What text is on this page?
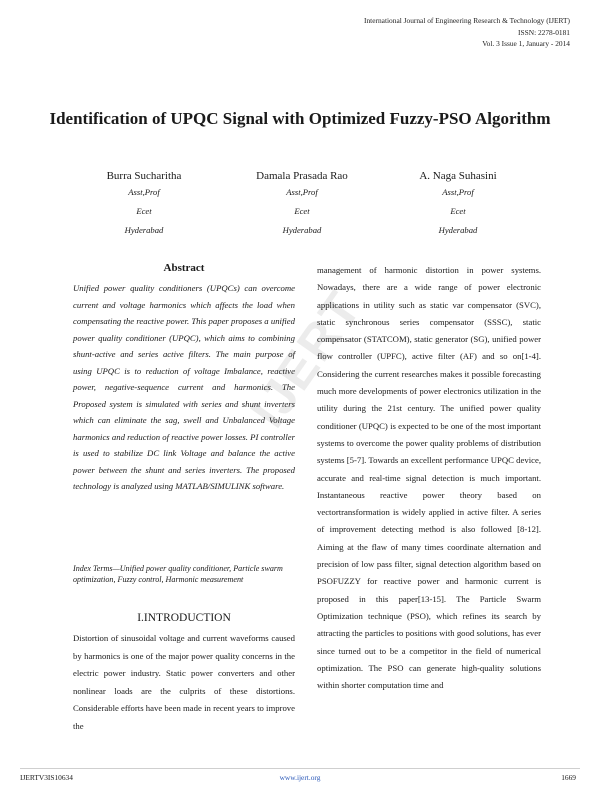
International Journal of Engineering Research & Technology (IJERT)
ISSN: 2278-0181
Vol. 3 Issue 1, January - 2014
Identification of UPQC Signal with Optimized Fuzzy-PSO Algorithm
Burra Sucharitha
Asst,Prof
Ecet
Hyderabad
Damala Prasada Rao
Asst,Prof
Ecet
Hyderabad
A. Naga Suhasini
Asst,Prof
Ecet
Hyderabad
IJERT
Abstract

Unified power quality conditioners (UPQCs) can overcome current and voltage harmonics which affects the load when compensating the reactive power. This paper proposes a unified power quality conditioner (UPQC), which aims to combining shunt-active and series active filters. The main purpose of using UPQC is to reduction of voltage Imbalance, reactive power, negative-sequence current and harmonics. The Proposed system is simulated with series and shunt inverters which can eliminate the sag, swell and Unbalanced Voltage harmonics and reduction of reactive power losses. PI controller is used to stabilize DC link Voltage and balance the active power between the shunt and series inverters. The proposed technology is analyzed using MATLAB/SIMULINK software.

Index Terms—Unified power quality conditioner, Particle swarm optimization, Fuzzy control, Harmonic measurement

I.INTRODUCTION

Distortion of sinusoidal voltage and current waveforms caused by harmonics is one of the major power quality concerns in the electric power industry. Static power converters and other nonlinear loads are the culprits of these distortions. Considerable efforts have been made in recent years to improve the

management of harmonic distortion in power systems. Nowadays, there are a wide range of power electronic applications in utility such as static var compensator (SVC), static synchronous series compensator (SSSC), static compensator (STATCOM), static generator (SG), unified power flow controller (UPFC), active filter (AF) and so on[1-4]. Considering the current researches makes it possible forecasting much more developments of power electronics utilization in the utility during the 21st century. The unified power quality conditioner (UPQC) is expected to be one of the most important systems to overcome the power quality problems of distribution systems [5-7]. Towards an excellent performance UPQC device, accurate and real-time signal detection is much important. Instantaneous reactive power theory based on vectortransformation is widely applied in active filter. A series of improvement detecting method is also followed [8-12]. Aiming at the flaw of many times coordinate alternation and precision of low pass filter, signal detection algorithm based on PSOFUZZY for reactive power and harmonic current is proposed in this paper[13-15]. The Particle Swarm Optimization technique (PSO), which refines its search by attracting the particles to positions with good solutions, has ever since turned out to be a competitor in the field of numerical optimization. The PSO can generate high-quality solutions within shorter computation time and

IJERTV3IS10634	www.ijert.org	1669
